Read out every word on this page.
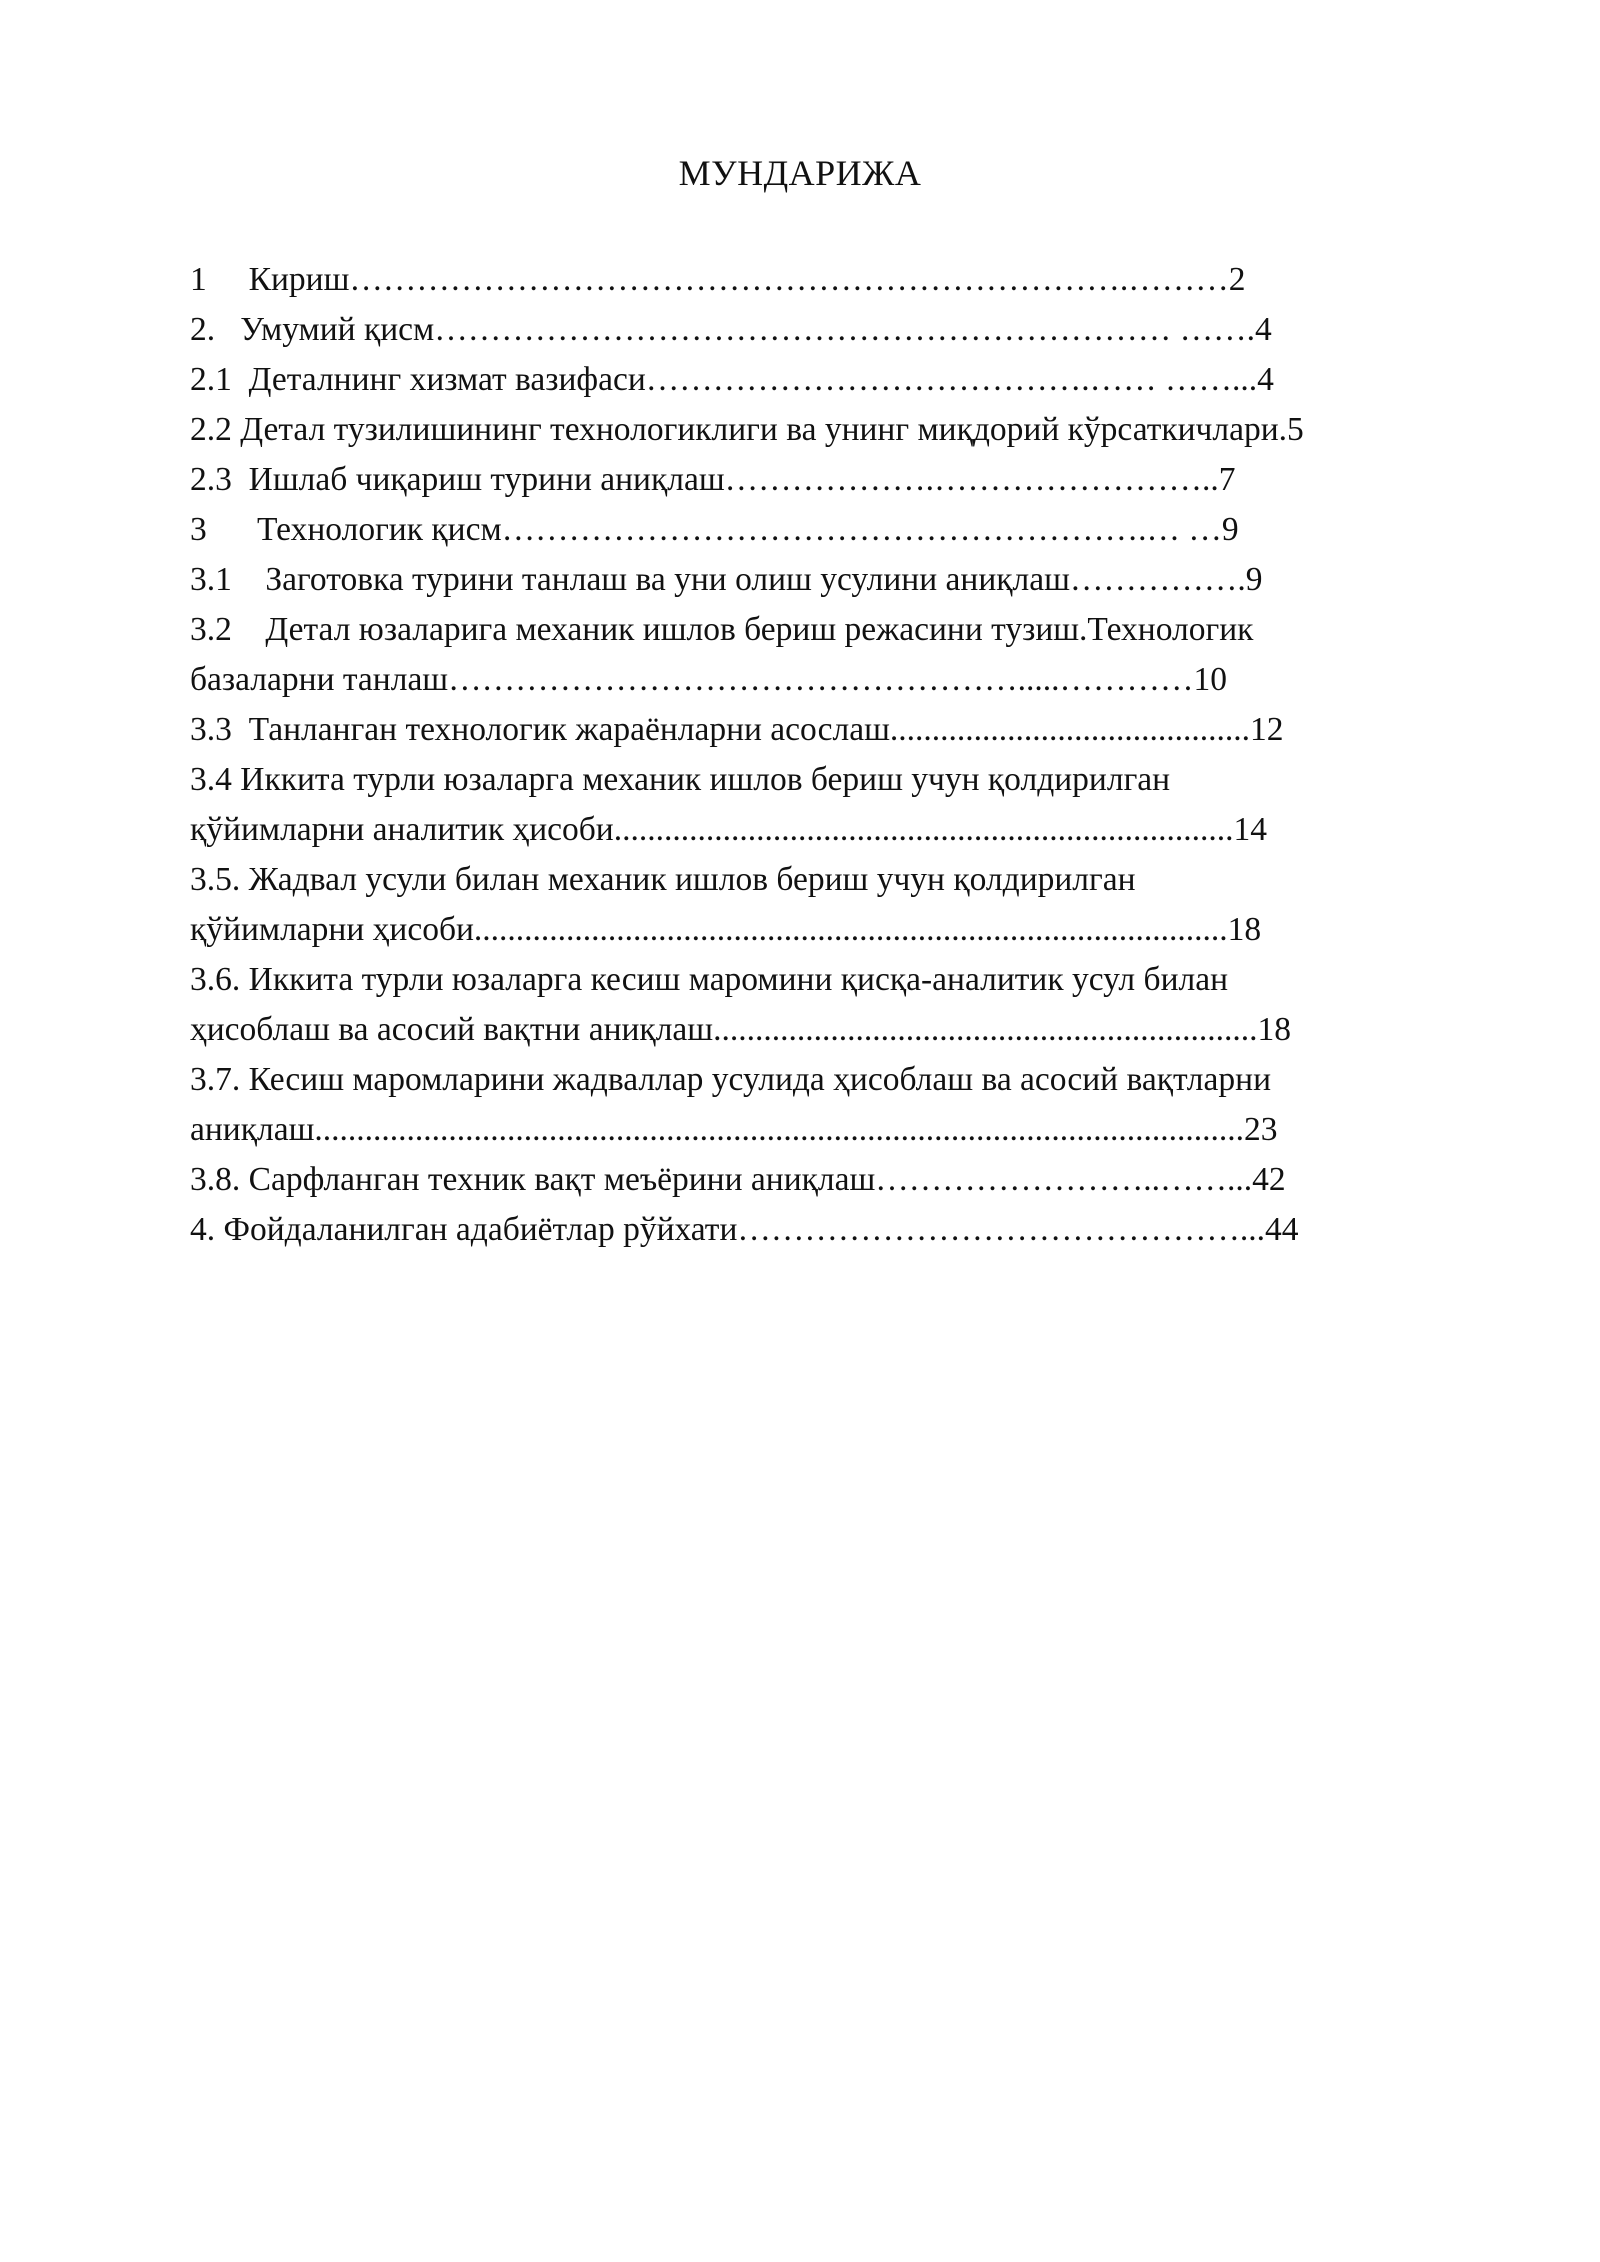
МУНДАРИЖА
1     Кириш…………………………………………………………….………2
2.   Умумий қисм………………………………………………………… …….4
2.1  Деталнинг хизмат вазифаси………………………………….…… ……...4
2.2 Детал тузилишининг технологиклиги ва унинг миқдорий кўрсаткичлари.5
2.3  Ишлаб чиқариш турини аниқлаш……………….……………………..7
3      Технологик қисм………………………………………………….… …9
3.1    Заготовка турини танлаш ва уни олиш усулини аниқлаш…………….9
3.2    Детал юзаларига механик ишлов бериш режасини тузиш.Технологик
базаларни танлаш…………………………………………….....…………10
3.3  Танланган технологик жараёнларни асослаш...........................................12
3.4 Иккита турли юзаларга механик ишлов бериш учун қолдирилган
қўйимларни аналитик ҳисоби..........................................................................14
3.5. Жадвал усули билан механик ишлов бериш учун қолдирилган
қўйимларни ҳисоби..........................................................................................18
3.6. Иккита турли юзаларга кесиш маромини қисқа-аналитик усул билан
ҳисоблаш ва асосий вақтни аниқлаш.................................................................18
3.7. Кесиш маромларини жадваллар усулида ҳисоблаш ва асосий вақтларни
аниқлаш...............................................................................................................23
3.8. Сарфланган техник вақт меъёрини аниқлаш……………………..……...42
4. Фойдаланилган адабиётлар рўйхати………………………………………...44
